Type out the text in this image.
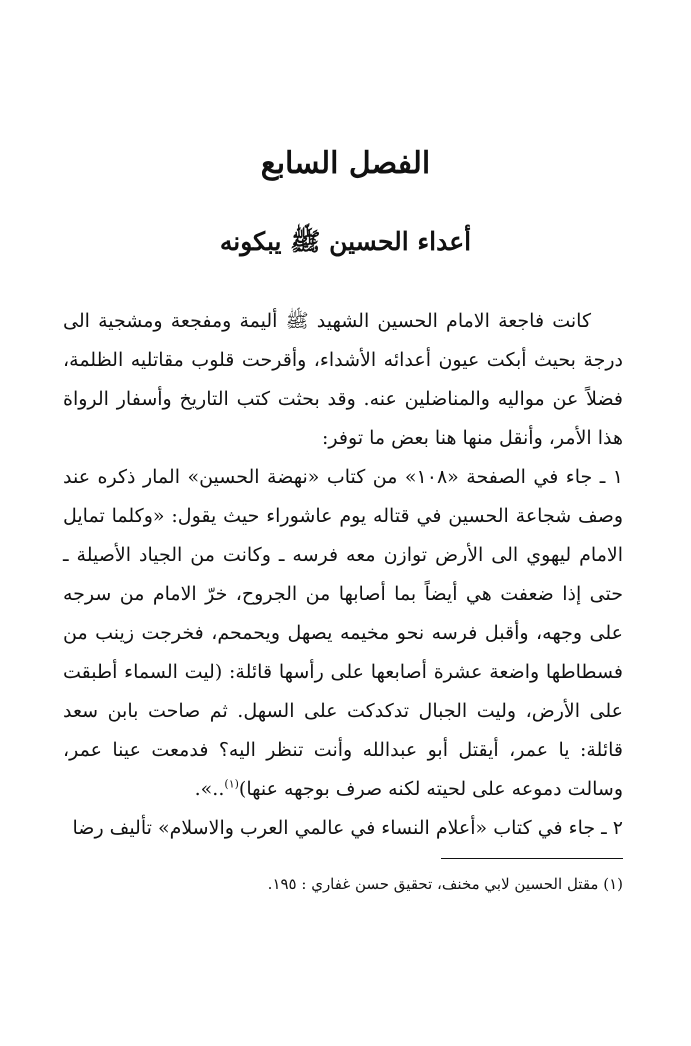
الفصل السابع
أعداء الحسين ﷺ يبكونه

كانت فاجعة الامام الحسين الشهيد ﷺ أليمة ومفجعة ومشجية الى درجة بحيث أبكت عيون أعدائه الأشداء، وأقرحت قلوب مقاتليه الظلمة، فضلاً عن مواليه والمناضلين عنه. وقد بحثت كتب التاريخ وأسفار الرواة هذا الأمر، وأنقل منها هنا بعض ما توفر:

١ ـ جاء في الصفحة «١٠٨» من كتاب «نهضة الحسين» المار ذكره عند وصف شجاعة الحسين في قتاله يوم عاشوراء حيث يقول: «وكلما تمايل الامام ليهوي الى الأرض توازن معه فرسه ـ وكانت من الجياد الأصيلة ـ حتى إذا ضعفت هي أيضاً بما أصابها من الجروح، خرّ الامام من سرجه على وجهه، وأقبل فرسه نحو مخيمه يصهل ويحمحم، فخرجت زينب من فسطاطها واضعة عشرة أصابعها على رأسها قائلة: (ليت السماء أطبقت على الأرض، وليت الجبال تدكدكت على السهل. ثم صاحت بابن سعد قائلة: يا عمر، أيقتل أبو عبدالله وأنت تنظر اليه؟ فدمعت عينا عمر، وسالت دموعه على لحيته لكنه صرف بوجهه عنها)$^{(١)}$..».

٢ ـ جاء في كتاب «أعلام النساء في عالمي العرب والاسلام» تأليف رضا

(١) مقتل الحسين لابي مخنف، تحقيق حسن غفاري : ١٩٥.
